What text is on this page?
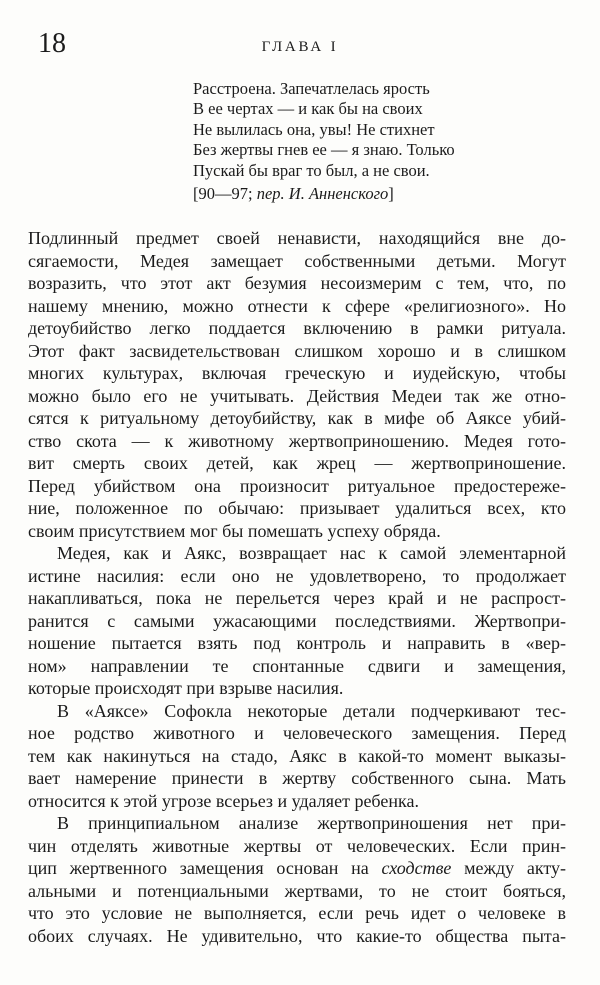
18	ГЛАВА I
Расстроена. Запечатлелась ярость
В ее чертах — и как бы на своих
Не вылилась она, увы! Не стихнет
Без жертвы гнев ее — я знаю. Только
Пускай бы враг то был, а не свои.
[90—97; пер. И. Анненского]
Подлинный предмет своей ненависти, находящийся вне до-
сягаемости, Медея замещает собственными детьми. Могут
возразить, что этот акт безумия несоизмерим с тем, что, по
нашему мнению, можно отнести к сфере «религиозного». Но
детоубийство легко поддается включению в рамки ритуала.
Этот факт засвидетельствован слишком хорошо и в слишком
многих культурах, включая греческую и иудейскую, чтобы
можно было его не учитывать. Действия Медеи так же отно-
сятся к ритуальному детоубийству, как в мифе об Аяксе убий-
ство скота — к животному жертвоприношению. Медея гото-
вит смерть своих детей, как жрец — жертвоприношение.
Перед убийством она произносит ритуальное предостереже-
ние, положенное по обычаю: призывает удалиться всех, кто
своим присутствием мог бы помешать успеху обряда.
Медея, как и Аякс, возвращает нас к самой элементарной
истине насилия: если оно не удовлетворено, то продолжает
накапливаться, пока не перельется через край и не распрост-
ранится с самыми ужасающими последствиями. Жертвопри-
ношение пытается взять под контроль и направить в «вер-
ном» направлении те спонтанные сдвиги и замещения,
которые происходят при взрыве насилия.
В «Аяксе» Софокла некоторые детали подчеркивают тес-
ное родство животного и человеческого замещения. Перед
тем как накинуться на стадо, Аякс в какой-то момент выказы-
вает намерение принести в жертву собственного сына. Мать
относится к этой угрозе всерьез и удаляет ребенка.
В принципиальном анализе жертвоприношения нет при-
чин отделять животные жертвы от человеческих. Если прин-
цип жертвенного замещения основан на сходстве между акту-
альными и потенциальными жертвами, то не стоит бояться,
что это условие не выполняется, если речь идет о человеке в
обоих случаях. Не удивительно, что какие-то общества пыта-
